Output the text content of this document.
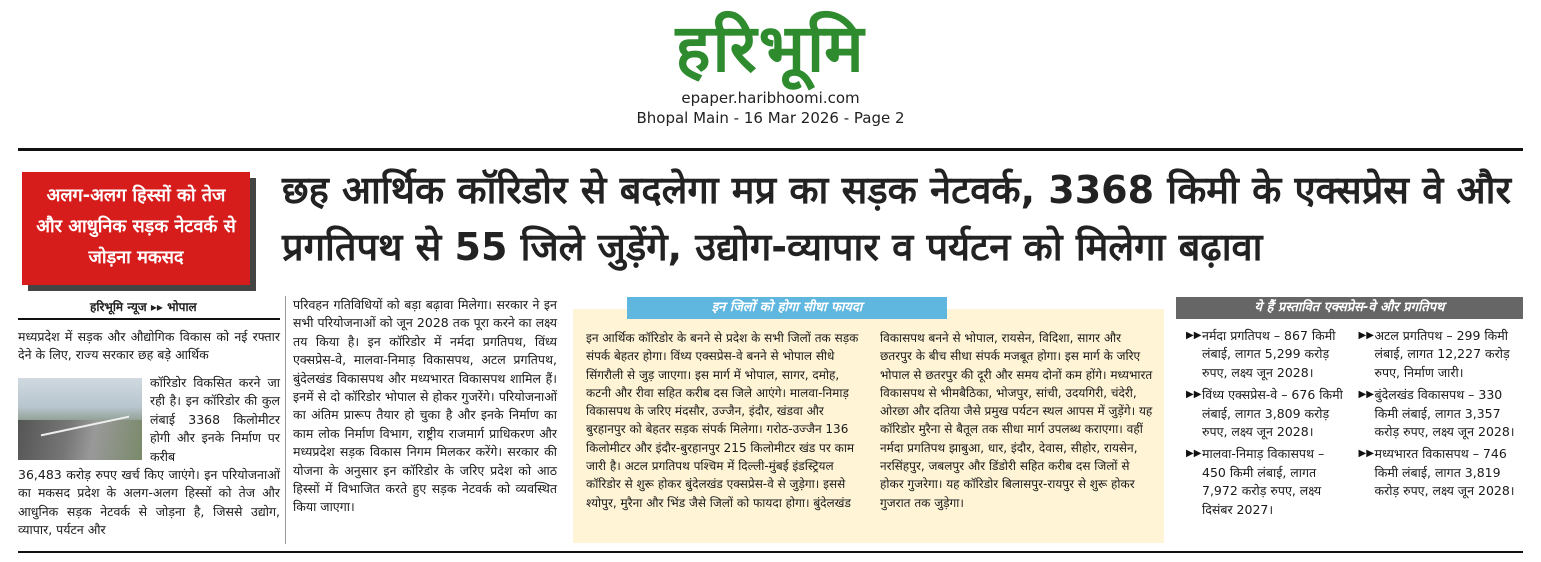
हरिभूमि
epaper.haribhoomi.com
Bhopal Main - 16 Mar 2026 - Page 2
अलग-अलग हिस्सों को तेज और आधुनिक सड़क नेटवर्क से जोड़ना मकसद
छह आर्थिक कॉरिडोर से बदलेगा मप्र का सड़क नेटवर्क, 3368 किमी के एक्सप्रेस वे और प्रगतिपथ से 55 जिले जुड़ेंगे, उद्योग-व्यापार व पर्यटन को मिलेगा बढ़ावा
हरिभूमि न्यूज ▸▸ भोपाल
मध्यप्रदेश में सड़क और औद्योगिक विकास को नई रफ्तार देने के लिए, राज्य सरकार छह बड़े आर्थिक
कॉरिडोर विकसित करने जा रही है। इन कॉरिडोर की कुल लंबाई 3368 किलोमीटर होगी और इनके निर्माण पर करीब
36,483 करोड़ रुपए खर्च किए जाएंगे। इन परियोजनाओं का मकसद प्रदेश के अलग-अलग हिस्सों को तेज और आधुनिक सड़क नेटवर्क से जोड़ना है, जिससे उद्योग, व्यापार, पर्यटन और
परिवहन गतिविधियों को बड़ा बढ़ावा मिलेगा। सरकार ने इन सभी परियोजनाओं को जून 2028 तक पूरा करने का लक्ष्य तय किया है। इन कॉरिडोर में नर्मदा प्रगतिपथ, विंध्य एक्सप्रेस-वे, मालवा-निमाड़ विकासपथ, अटल प्रगतिपथ, बुंदेलखंड विकासपथ और मध्यभारत विकासपथ शामिल हैं। इनमें से दो कॉरिडोर भोपाल से होकर गुजरेंगे। परियोजनाओं का अंतिम प्रारूप तैयार हो चुका है और इनके निर्माण का काम लोक निर्माण विभाग, राष्ट्रीय राजमार्ग प्राधिकरण और मध्यप्रदेश सड़क विकास निगम मिलकर करेंगे। सरकार की योजना के अनुसार इन कॉरिडोर के जरिए प्रदेश को आठ हिस्सों में विभाजित करते हुए सड़क नेटवर्क को व्यवस्थित किया जाएगा।
इन जिलों को होगा सीधा फायदा
इन आर्थिक कॉरिडोर के बनने से प्रदेश के सभी जिलों तक सड़क संपर्क बेहतर होगा। विंध्य एक्सप्रेस-वे बनने से भोपाल सीधे सिंगरौली से जुड़ जाएगा। इस मार्ग में भोपाल, सागर, दमोह, कटनी और रीवा सहित करीब दस जिले आएंगे। मालवा-निमाड़ विकासपथ के जरिए मंदसौर, उज्जैन, इंदौर, खंडवा और बुरहानपुर को बेहतर सड़क संपर्क मिलेगा। गरोठ-उज्जैन 136 किलोमीटर और इंदौर-बुरहानपुर 215 किलोमीटर खंड पर काम जारी है। अटल प्रगतिपथ पश्चिम में दिल्ली-मुंबई इंडस्ट्रियल कॉरिडोर से शुरू होकर बुंदेलखंड एक्सप्रेस-वे से जुड़ेगा। इससे श्योपुर, मुरैना और भिंड जैसे जिलों को फायदा होगा। बुंदेलखंड
विकासपथ बनने से भोपाल, रायसेन, विदिशा, सागर और छतरपुर के बीच सीधा संपर्क मजबूत होगा। इस मार्ग के जरिए भोपाल से छतरपुर की दूरी और समय दोनों कम होंगे। मध्यभारत विकासपथ से भीमबैठिका, भोजपुर, सांची, उदयगिरी, चंदेरी, ओरछा और दतिया जैसे प्रमुख पर्यटन स्थल आपस में जुड़ेंगे। यह कॉरिडोर मुरैना से बैतूल तक सीधा मार्ग उपलब्ध कराएगा। वहीं नर्मदा प्रगतिपथ झाबुआ, धार, इंदौर, देवास, सीहोर, रायसेन, नरसिंहपुर, जबलपुर और डिंडोरी सहित करीब दस जिलों से होकर गुजरेगा। यह कॉरिडोर बिलासपुर-रायपुर से शुरू होकर गुजरात तक जुड़ेगा।
ये हैं प्रस्तावित एक्सप्रेस-वे और प्रगतिपथ
▶▶ नर्मदा प्रगतिपथ – 867 किमी लंबाई, लागत 5,299 करोड़ रुपए, लक्ष्य जून 2028।
▶▶ विंध्य एक्सप्रेस-वे – 676 किमी लंबाई, लागत 3,809 करोड़ रुपए, लक्ष्य जून 2028।
▶▶ मालवा-निमाड़ विकासपथ – 450 किमी लंबाई, लागत 7,972 करोड़ रुपए, लक्ष्य दिसंबर 2027।
▶▶ अटल प्रगतिपथ – 299 किमी लंबाई, लागत 12,227 करोड़ रुपए, निर्माण जारी।
▶▶ बुंदेलखंड विकासपथ – 330 किमी लंबाई, लागत 3,357 करोड़ रुपए, लक्ष्य जून 2028।
▶▶ मध्यभारत विकासपथ – 746 किमी लंबाई, लागत 3,819 करोड़ रुपए, लक्ष्य जून 2028।
